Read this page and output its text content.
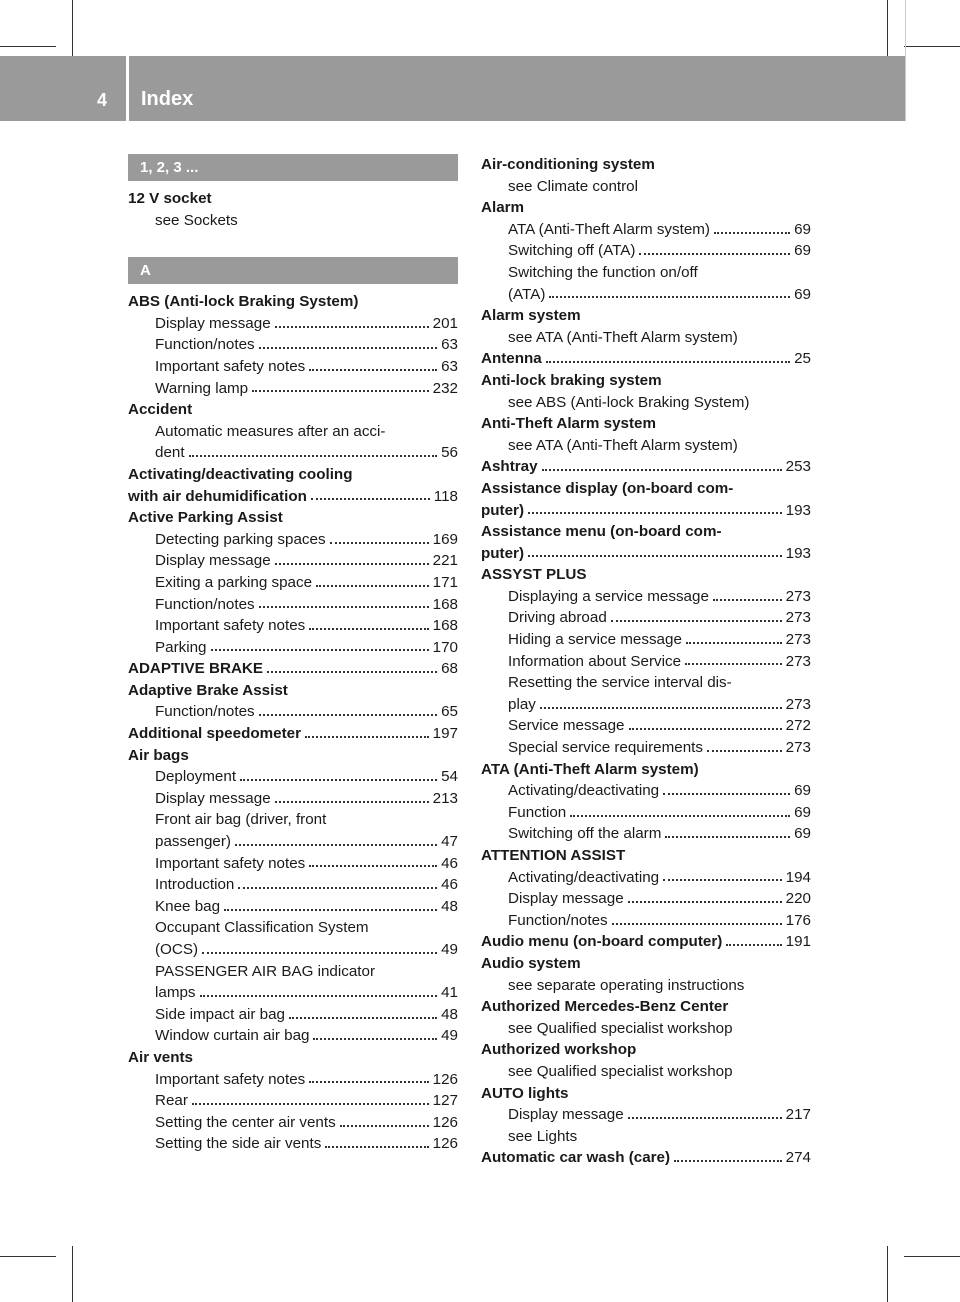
4	Index
1, 2, 3 ...
12 V socket
see Sockets
A
ABS (Anti-lock Braking System)
Display message	201
Function/notes	63
Important safety notes	63
Warning lamp	232
Accident
Automatic measures after an acci-
dent	56
Activating/deactivating cooling
with air dehumidification	118
Active Parking Assist
Detecting parking spaces	169
Display message	221
Exiting a parking space	171
Function/notes	168
Important safety notes	168
Parking	170
ADAPTIVE BRAKE	68
Adaptive Brake Assist
Function/notes	65
Additional speedometer	197
Air bags
Deployment	54
Display message	213
Front air bag (driver, front
passenger)	47
Important safety notes	46
Introduction	46
Knee bag	48
Occupant Classification System
(OCS)	49
PASSENGER AIR BAG indicator
lamps	41
Side impact air bag	48
Window curtain air bag	49
Air vents
Important safety notes	126
Rear	127
Setting the center air vents	126
Setting the side air vents	126
Air-conditioning system
see Climate control
Alarm
ATA (Anti-Theft Alarm system)	69
Switching off (ATA)	69
Switching the function on/off
(ATA)	69
Alarm system
see ATA (Anti-Theft Alarm system)
Antenna	25
Anti-lock braking system
see ABS (Anti-lock Braking System)
Anti-Theft Alarm system
see ATA (Anti-Theft Alarm system)
Ashtray	253
Assistance display (on-board com-
puter)	193
Assistance menu (on-board com-
puter)	193
ASSYST PLUS
Displaying a service message	273
Driving abroad	273
Hiding a service message	273
Information about Service	273
Resetting the service interval dis-
play	273
Service message	272
Special service requirements	273
ATA (Anti-Theft Alarm system)
Activating/deactivating	69
Function	69
Switching off the alarm	69
ATTENTION ASSIST
Activating/deactivating	194
Display message	220
Function/notes	176
Audio menu (on-board computer)	191
Audio system
see separate operating instructions
Authorized Mercedes-Benz Center
see Qualified specialist workshop
Authorized workshop
see Qualified specialist workshop
AUTO lights
Display message	217
see Lights
Automatic car wash (care)	274
